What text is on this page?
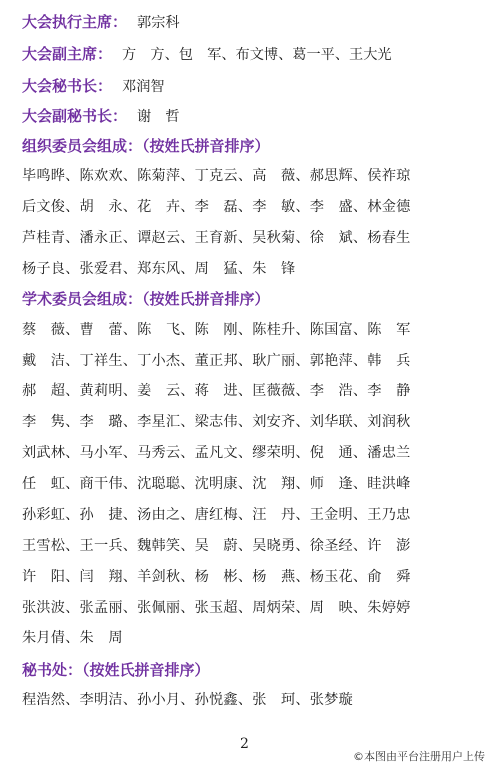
大会执行主席： 郭宗科
大会副主席： 方　方、包　军、布文博、葛一平、王大光
大会秘书长： 邓润智
大会副秘书长： 谢　哲
组织委员会组成：（按姓氏拼音排序）
毕鸣晔、陈欢欢、陈菊萍、丁克云、高　薇、郝思辉、侯祚琼
后文俊、胡　永、花　卉、李　磊、李　敏、李　盛、林金德
芦桂青、潘永正、谭赵云、王育新、吴秋菊、徐　斌、杨春生
杨子良、张爱君、郑东风、周　猛、朱　锋
学术委员会组成：（按姓氏拼音排序）
蔡　薇、曹　蕾、陈　飞、陈　刚、陈桂升、陈国富、陈　军
戴　洁、丁祥生、丁小杰、董正邦、耿广丽、郭艳萍、韩　兵
郝　超、黄莉明、姜　云、蒋　进、匡薇薇、李　浩、李　静
李　隽、李　璐、李星汇、梁志伟、刘安齐、刘华联、刘润秋
刘武林、马小军、马秀云、孟凡文、缪荣明、倪　通、潘忠兰
任　虹、商干伟、沈聪聪、沈明康、沈　翔、师　逢、眭洪峰
孙彩虹、孙　捷、汤由之、唐红梅、汪　丹、王金明、王乃忠
王雪松、王一兵、魏韩笑、吴　蔚、吴晓勇、徐圣经、许　澎
许　阳、闫　翔、羊剑秋、杨　彬、杨　燕、杨玉花、俞　舜
张洪波、张孟丽、张佩丽、张玉超、周炳荣、周　映、朱婷婷
朱月倩、朱　周
秘书处：（按姓氏拼音排序）
程浩然、李明洁、孙小月、孙悦鑫、张　珂、张梦璇
2
©本图由平台注册用户上传
